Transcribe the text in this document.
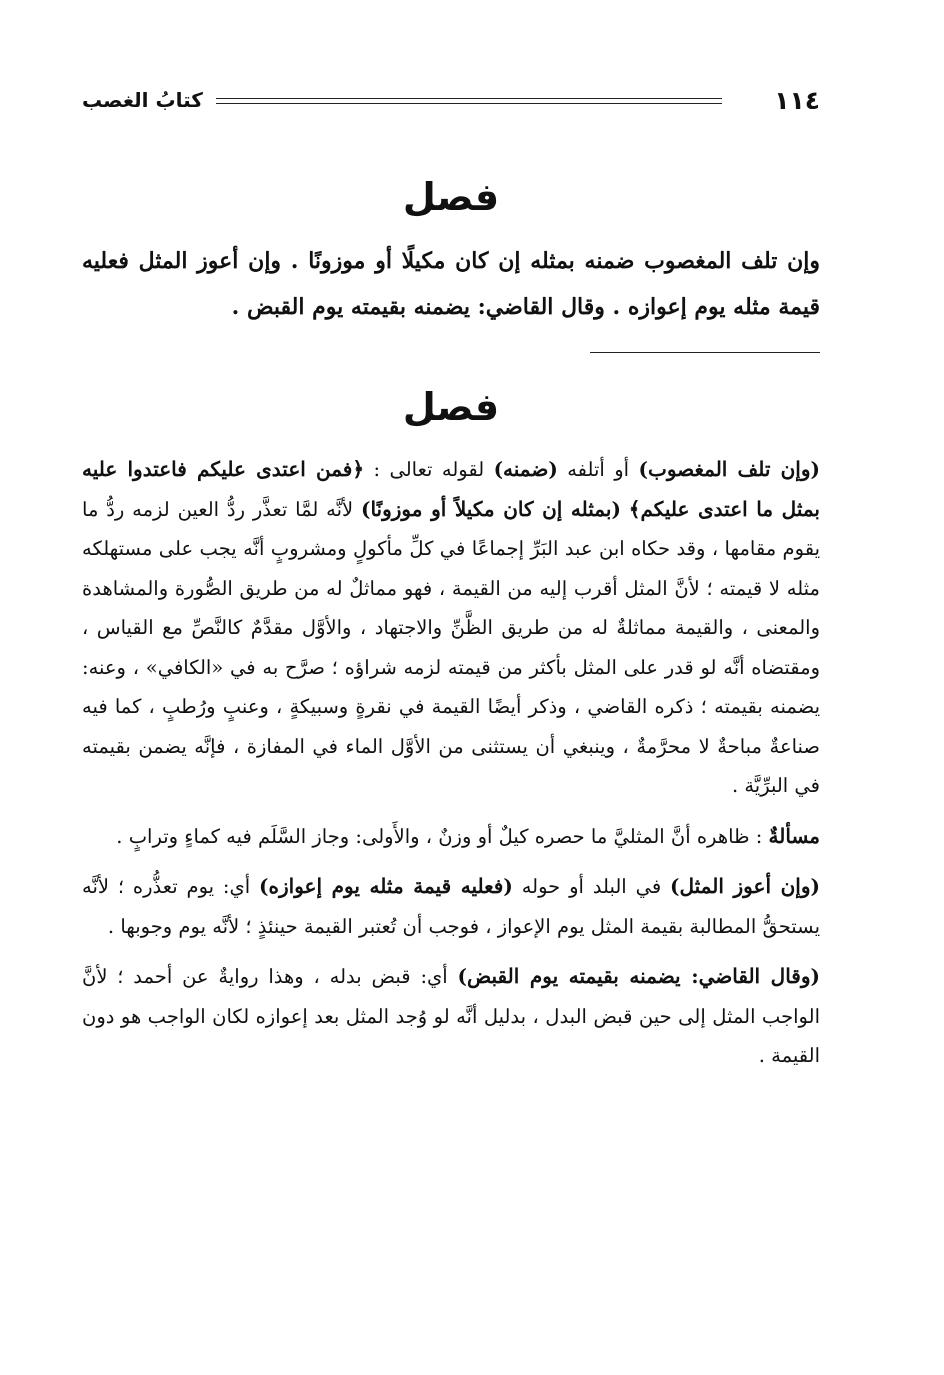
١١٤
كتابُ الغصب
فصل
وإن تلف المغصوب ضمنه بمثله إن كان مكيلًا أو موزونًا . وإن أعوز المثل فعليه قيمة مثله يوم إعوازه . وقال القاضي: يضمنه بقيمته يوم القبض .
فصل

(وإن تلف المغصوب) أو أتلفه (ضمنه) لقوله تعالى : ﴿فمن اعتدى عليكم فاعتدوا عليه بمثل ما اعتدى عليكم﴾ (بمثله إن كان مكيلاً أو موزونًا) لأنَّه لمَّا تعذَّر ردُّ العين لزمه ردُّ ما يقوم مقامها ، وقد حكاه ابن عبد البَرِّ إجماعًا في كلِّ مأكولٍ ومشروبٍ أنَّه يجب على مستهلكه مثله لا قيمته ؛ لأنَّ المثل أقرب إليه من القيمة ، فهو مماثلٌ له من طريق الصُّورة والمشاهدة والمعنى ، والقيمة مماثلةٌ له من طريق الظَّنِّ والاجتهاد ، والأوَّل مقدَّمٌ كالنَّصِّ مع القياس ، ومقتضاه أنَّه لو قدر على المثل بأكثر من قيمته لزمه شراؤه ؛ صرَّح به في «الكافي» ، وعنه: يضمنه بقيمته ؛ ذكره القاضي ، وذكر أيضًا القيمة في نقرةٍ وسبيكةٍ ، وعنبٍ ورُطبٍ ، كما فيه صناعةٌ مباحةٌ لا محرَّمةٌ ، وينبغي أن يستثنى من الأوَّل الماء في المفازة ، فإنَّه يضمن بقيمته في البرِّيَّة .

مسألةٌ : ظاهره أنَّ المثليَّ ما حصره كيلٌ أو وزنٌ ، والأَولى: وجاز السَّلَم فيه كماءٍ وترابٍ .

(وإن أعوز المثل) في البلد أو حوله (فعليه قيمة مثله يوم إعوازه) أي: يوم تعذُّره ؛ لأنَّه يستحقُّ المطالبة بقيمة المثل يوم الإعواز ، فوجب أن تُعتبر القيمة حينئذٍ ؛ لأنَّه يوم وجوبها .

(وقال القاضي: يضمنه بقيمته يوم القبض) أي: قبض بدله ، وهذا روايةٌ عن أحمد ؛ لأنَّ الواجب المثل إلى حين قبض البدل ، بدليل أنَّه لو وُجد المثل بعد إعوازه لكان الواجب هو دون القيمة .
